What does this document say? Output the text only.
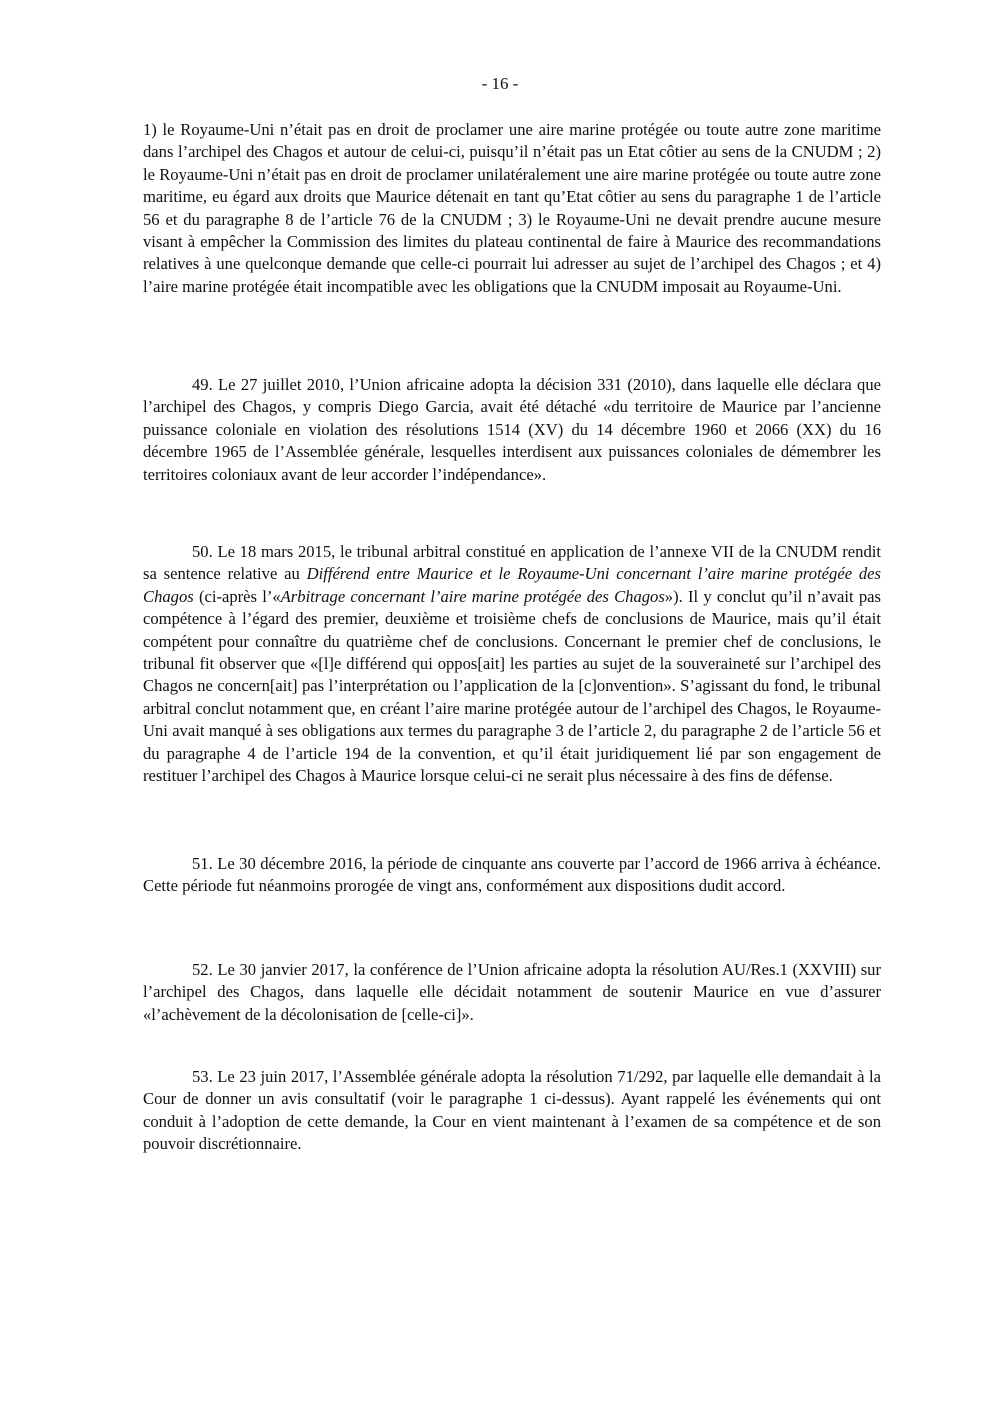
- 16 -

1) le Royaume-Uni n’était pas en droit de proclamer une aire marine protégée ou toute autre zone maritime dans l’archipel des Chagos et autour de celui-ci, puisqu’il n’était pas un Etat côtier au sens de la CNUDM ; 2) le Royaume-Uni n’était pas en droit de proclamer unilatéralement une aire marine protégée ou toute autre zone maritime, eu égard aux droits que Maurice détenait en tant qu’Etat côtier au sens du paragraphe 1 de l’article 56 et du paragraphe 8 de l’article 76 de la CNUDM ; 3) le Royaume-Uni ne devait prendre aucune mesure visant à empêcher la Commission des limites du plateau continental de faire à Maurice des recommandations relatives à une quelconque demande que celle-ci pourrait lui adresser au sujet de l’archipel des Chagos ; et 4) l’aire marine protégée était incompatible avec les obligations que la CNUDM imposait au Royaume-Uni.

49. Le 27 juillet 2010, l’Union africaine adopta la décision 331 (2010), dans laquelle elle déclara que l’archipel des Chagos, y compris Diego Garcia, avait été détaché «du territoire de Maurice par l’ancienne puissance coloniale en violation des résolutions 1514 (XV) du 14 décembre 1960 et 2066 (XX) du 16 décembre 1965 de l’Assemblée générale, lesquelles interdisent aux puissances coloniales de démembrer les territoires coloniaux avant de leur accorder l’indépendance».

50. Le 18 mars 2015, le tribunal arbitral constitué en application de l’annexe VII de la CNUDM rendit sa sentence relative au Différend entre Maurice et le Royaume-Uni concernant l’aire marine protégée des Chagos (ci-après l’«Arbitrage concernant l’aire marine protégée des Chagos»). Il y conclut qu’il n’avait pas compétence à l’égard des premier, deuxième et troisième chefs de conclusions de Maurice, mais qu’il était compétent pour connaître du quatrième chef de conclusions. Concernant le premier chef de conclusions, le tribunal fit observer que «[l]e différend qui oppos[ait] les parties au sujet de la souveraineté sur l’archipel des Chagos ne concern[ait] pas l’interprétation ou l’application de la [c]onvention». S’agissant du fond, le tribunal arbitral conclut notamment que, en créant l’aire marine protégée autour de l’archipel des Chagos, le Royaume-Uni avait manqué à ses obligations aux termes du paragraphe 3 de l’article 2, du paragraphe 2 de l’article 56 et du paragraphe 4 de l’article 194 de la convention, et qu’il était juridiquement lié par son engagement de restituer l’archipel des Chagos à Maurice lorsque celui-ci ne serait plus nécessaire à des fins de défense.

51. Le 30 décembre 2016, la période de cinquante ans couverte par l’accord de 1966 arriva à échéance. Cette période fut néanmoins prorogée de vingt ans, conformément aux dispositions dudit accord.

52. Le 30 janvier 2017, la conférence de l’Union africaine adopta la résolution AU/Res.1 (XXVIII) sur l’archipel des Chagos, dans laquelle elle décidait notamment de soutenir Maurice en vue d’assurer «l’achèvement de la décolonisation de [celle-ci]».

53. Le 23 juin 2017, l’Assemblée générale adopta la résolution 71/292, par laquelle elle demandait à la Cour de donner un avis consultatif (voir le paragraphe 1 ci-dessus). Ayant rappelé les événements qui ont conduit à l’adoption de cette demande, la Cour en vient maintenant à l’examen de sa compétence et de son pouvoir discrétionnaire.
